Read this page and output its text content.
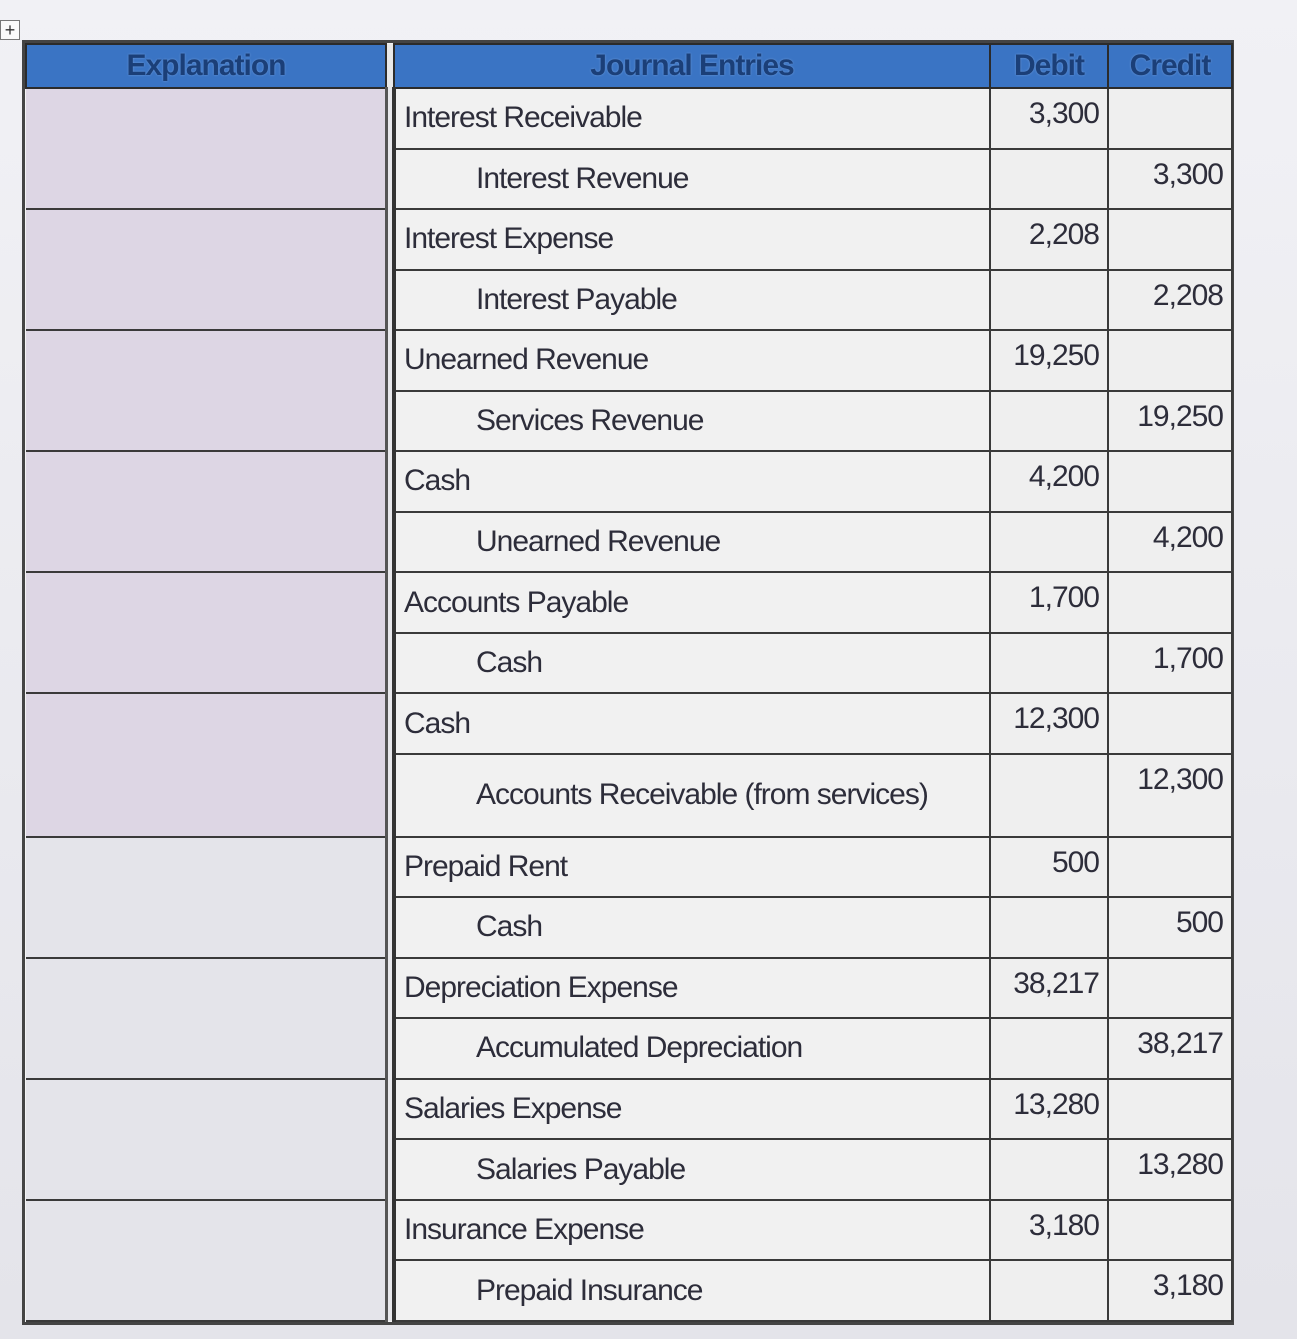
+
Explanation		Journal Entries	Debit	Credit
		Interest Receivable	3,300	
		Interest Revenue		3,300
		Interest Expense	2,208	
		Interest Payable		2,208
		Unearned Revenue	19,250	
		Services Revenue		19,250
		Cash	4,200	
		Unearned Revenue		4,200
		Accounts Payable	1,700	
		Cash		1,700
		Cash	12,300	
		Accounts Receivable (from services)		12,300
		Prepaid Rent	500	
		Cash		500
		Depreciation Expense	38,217	
		Accumulated Depreciation		38,217
		Salaries Expense	13,280	
		Salaries Payable		13,280
		Insurance Expense	3,180	
		Prepaid Insurance		3,180
